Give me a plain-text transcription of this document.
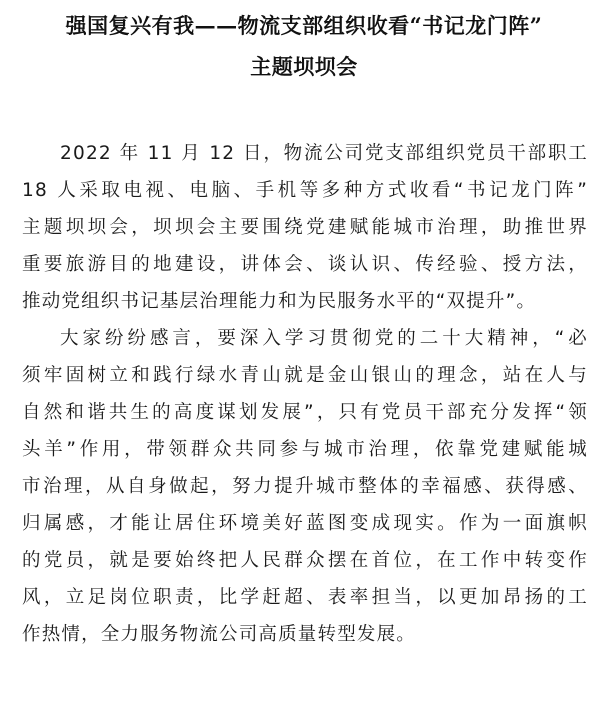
强国复兴有我——物流支部组织收看“书记龙门阵”
主题坝坝会
2022 年 11 月 12 日，物流公司党支部组织党员干部职工
18 人采取电视、电脑、手机等多种方式收看“书记龙门阵”
主题坝坝会，坝坝会主要围绕党建赋能城市治理，助推世界
重要旅游目的地建设，讲体会、谈认识、传经验、授方法，
推动党组织书记基层治理能力和为民服务水平的“双提升”。
大家纷纷感言，要深入学习贯彻党的二十大精神，“必
须牢固树立和践行绿水青山就是金山银山的理念，站在人与
自然和谐共生的高度谋划发展”，只有党员干部充分发挥“领
头羊”作用，带领群众共同参与城市治理，依靠党建赋能城
市治理，从自身做起，努力提升城市整体的幸福感、获得感、
归属感，才能让居住环境美好蓝图变成现实。作为一面旗帜
的党员，就是要始终把人民群众摆在首位，在工作中转变作
风，立足岗位职责，比学赶超、表率担当，以更加昂扬的工
作热情，全力服务物流公司高质量转型发展。
